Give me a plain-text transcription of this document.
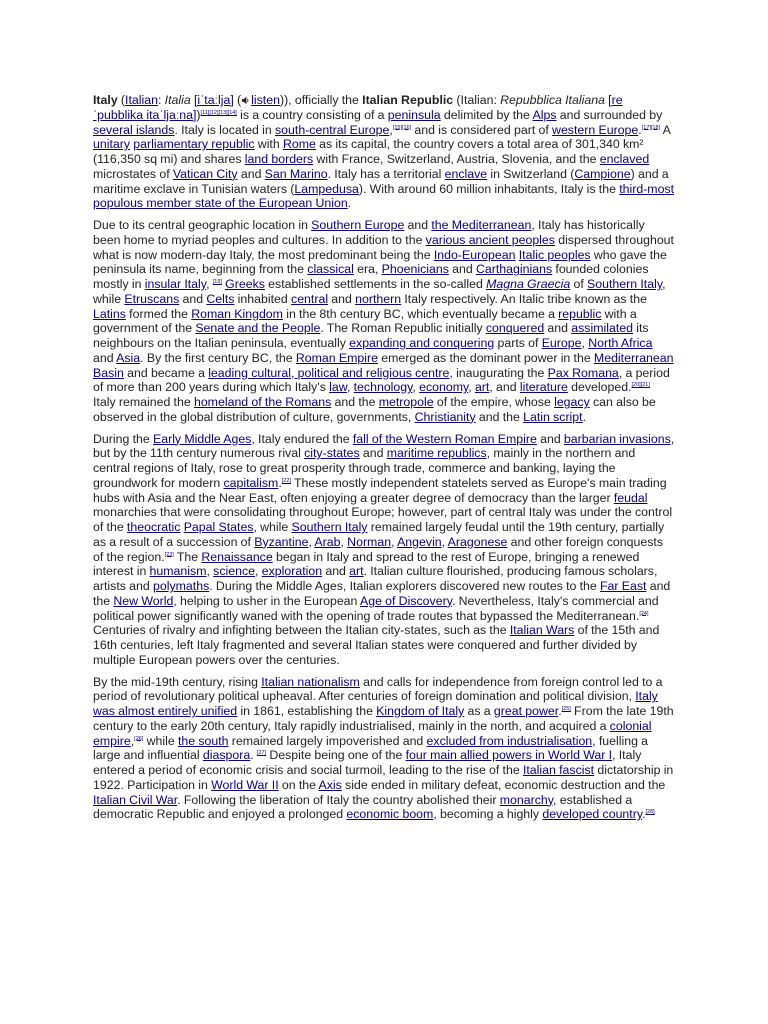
Italy (Italian: Italia [iˈtaːlja] ( listen)), officially the Italian Republic (Italian: Repubblica Italiana [re ˈpubblika itaˈljaːna])[11][12][13][14] is a country consisting of a peninsula delimited by the Alps and surrounded by several islands. Italy is located in south-central Europe,[15][16] and is considered part of western Europe.[17][18] A unitary parliamentary republic with Rome as its capital, the country covers a total area of 301,340 km² (116,350 sq mi) and shares land borders with France, Switzerland, Austria, Slovenia, and the enclaved microstates of Vatican City and San Marino. Italy has a territorial enclave in Switzerland (Campione) and a maritime exclave in Tunisian waters (Lampedusa). With around 60 million inhabitants, Italy is the third-most populous member state of the European Union.

Due to its central geographic location in Southern Europe and the Mediterranean, Italy has historically been home to myriad peoples and cultures. In addition to the various ancient peoples dispersed throughout what is now modern-day Italy, the most predominant being the Indo-European Italic peoples who gave the peninsula its name, beginning from the classical era, Phoenicians and Carthaginians founded colonies mostly in insular Italy, [19] Greeks established settlements in the so-called Magna Graecia of Southern Italy, while Etruscans and Celts inhabited central and northern Italy respectively. An Italic tribe known as the Latins formed the Roman Kingdom in the 8th century BC, which eventually became a republic with a government of the Senate and the People. The Roman Republic initially conquered and assimilated its neighbours on the Italian peninsula, eventually expanding and conquering parts of Europe, North Africa and Asia. By the first century BC, the Roman Empire emerged as the dominant power in the Mediterranean Basin and became a leading cultural, political and religious centre, inaugurating the Pax Romana, a period of more than 200 years during which Italy's law, technology, economy, art, and literature developed.[20][21] Italy remained the homeland of the Romans and the metropole of the empire, whose legacy can also be observed in the global distribution of culture, governments, Christianity and the Latin script.

During the Early Middle Ages, Italy endured the fall of the Western Roman Empire and barbarian invasions, but by the 11th century numerous rival city-states and maritime republics, mainly in the northern and central regions of Italy, rose to great prosperity through trade, commerce and banking, laying the groundwork for modern capitalism.[22] These mostly independent statelets served as Europe's main trading hubs with Asia and the Near East, often enjoying a greater degree of democracy than the larger feudal monarchies that were consolidating throughout Europe; however, part of central Italy was under the control of the theocratic Papal States, while Southern Italy remained largely feudal until the 19th century, partially as a result of a succession of Byzantine, Arab, Norman, Angevin, Aragonese and other foreign conquests of the region.[23] The Renaissance began in Italy and spread to the rest of Europe, bringing a renewed interest in humanism, science, exploration and art. Italian culture flourished, producing famous scholars, artists and polymaths. During the Middle Ages, Italian explorers discovered new routes to the Far East and the New World, helping to usher in the European Age of Discovery. Nevertheless, Italy's commercial and political power significantly waned with the opening of trade routes that bypassed the Mediterranean.[24] Centuries of rivalry and infighting between the Italian city-states, such as the Italian Wars of the 15th and 16th centuries, left Italy fragmented and several Italian states were conquered and further divided by multiple European powers over the centuries.

By the mid-19th century, rising Italian nationalism and calls for independence from foreign control led to a period of revolutionary political upheaval. After centuries of foreign domination and political division, Italy was almost entirely unified in 1861, establishing the Kingdom of Italy as a great power.[25] From the late 19th century to the early 20th century, Italy rapidly industrialised, mainly in the north, and acquired a colonial empire,[26] while the south remained largely impoverished and excluded from industrialisation, fuelling a large and influential diaspora. [27] Despite being one of the four main allied powers in World War I, Italy entered a period of economic crisis and social turmoil, leading to the rise of the Italian fascist dictatorship in 1922. Participation in World War II on the Axis side ended in military defeat, economic destruction and the Italian Civil War. Following the liberation of Italy the country abolished their monarchy, established a democratic Republic and enjoyed a prolonged economic boom, becoming a highly developed country.[28]
